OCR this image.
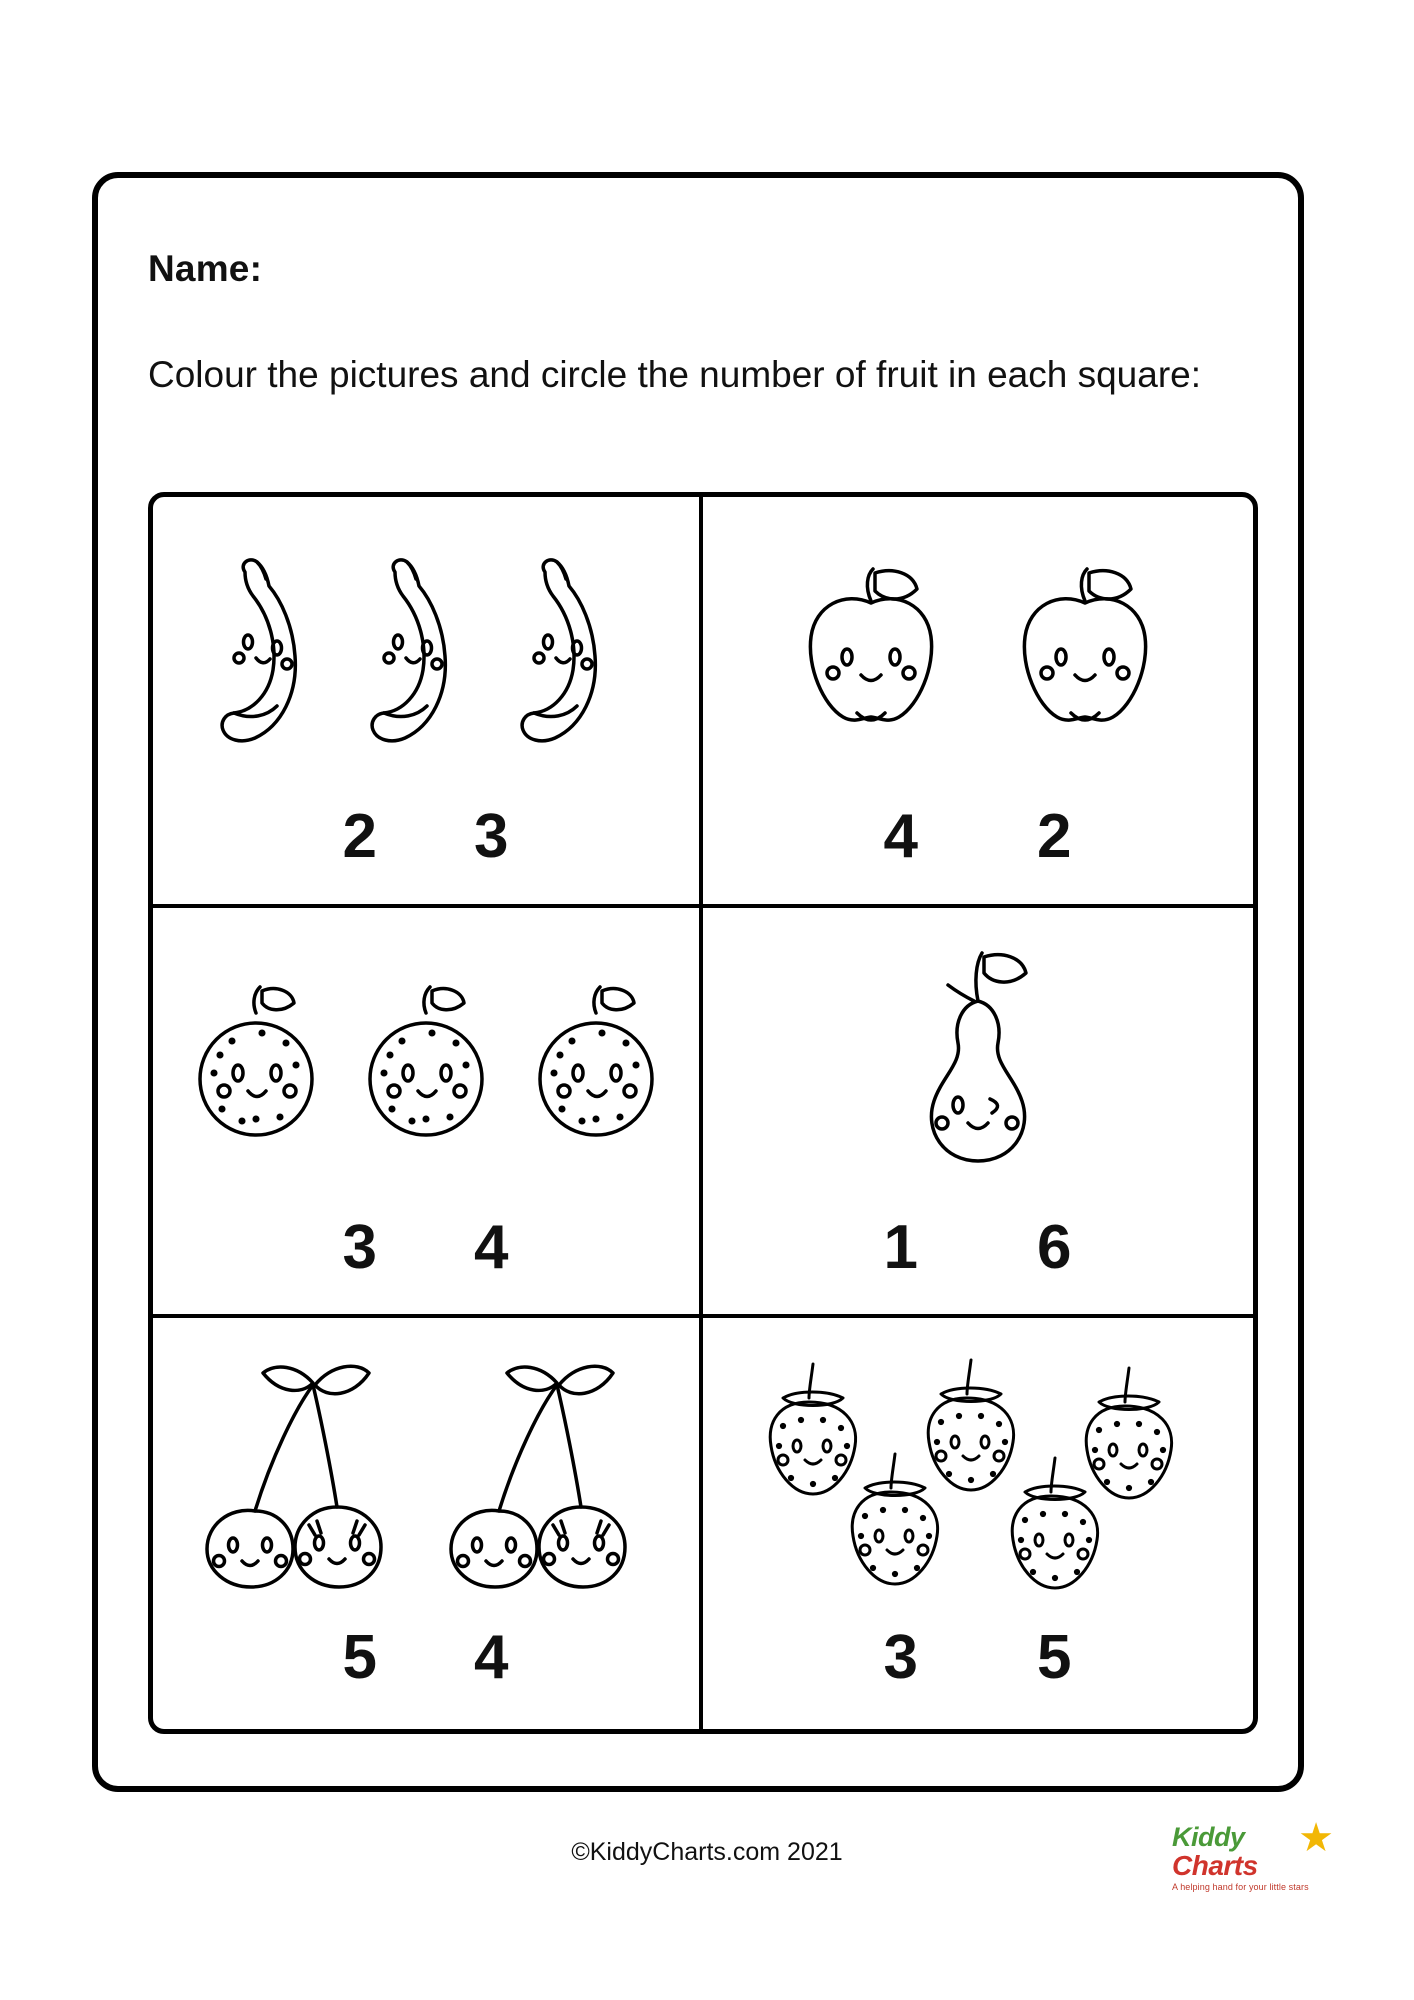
Name:
Colour the pictures and circle the number of fruit in each square:
2 3	4 2
3 4	1 6
5 4	3 5
©KiddyCharts.com 2021	Kiddy
Charts
A helping hand for your little stars
★
